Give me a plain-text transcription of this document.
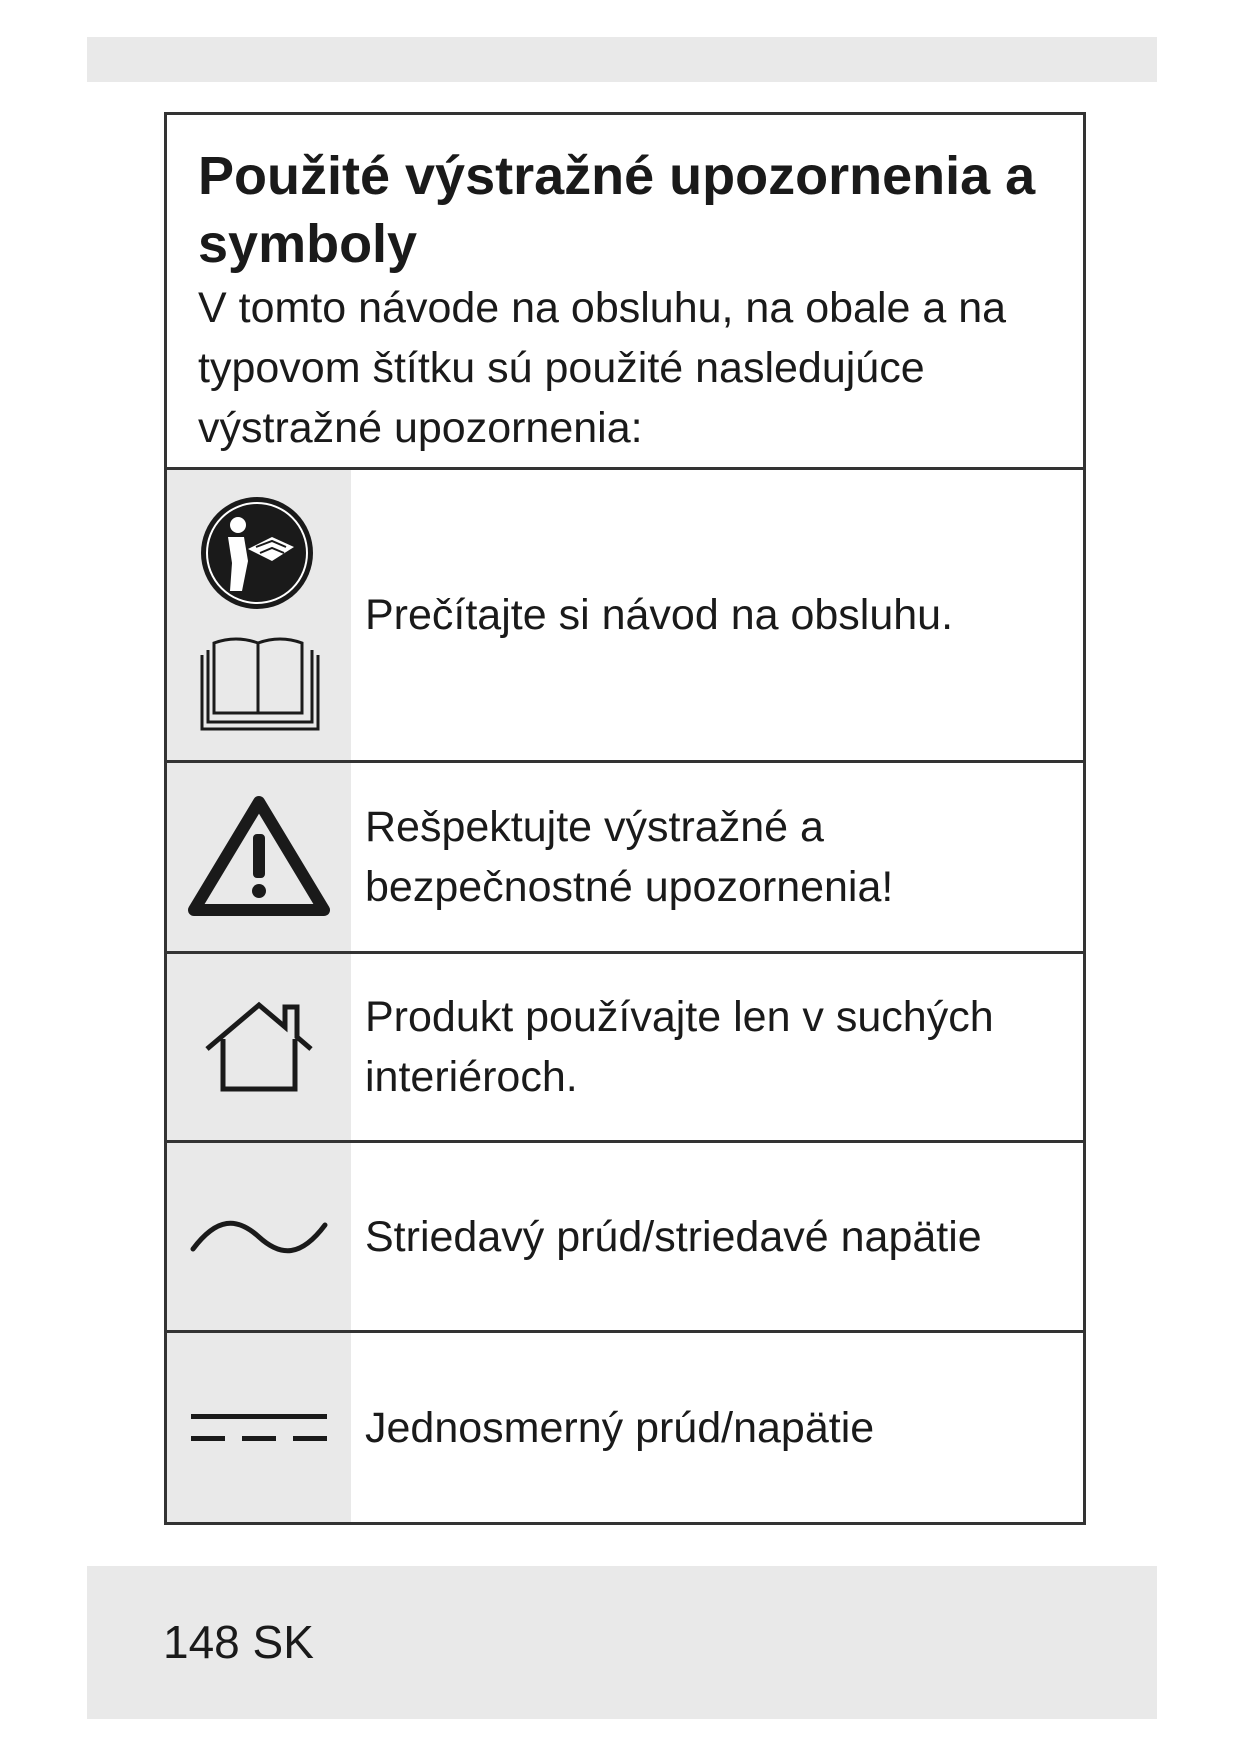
Použité výstražné upozornenia a symboly

V tomto návode na obsluhu, na obale a na typovom štítku sú použité nasledujúce výstražné upozornenia:

Prečítajte si návod na obsluhu.
Rešpektujte výstražné a bezpečnostné upozornenia!
Produkt používajte len v suchých interiéroch.
Striedavý prúd/striedavé napätie
Jednosmerný prúd/napätie
148 SK
